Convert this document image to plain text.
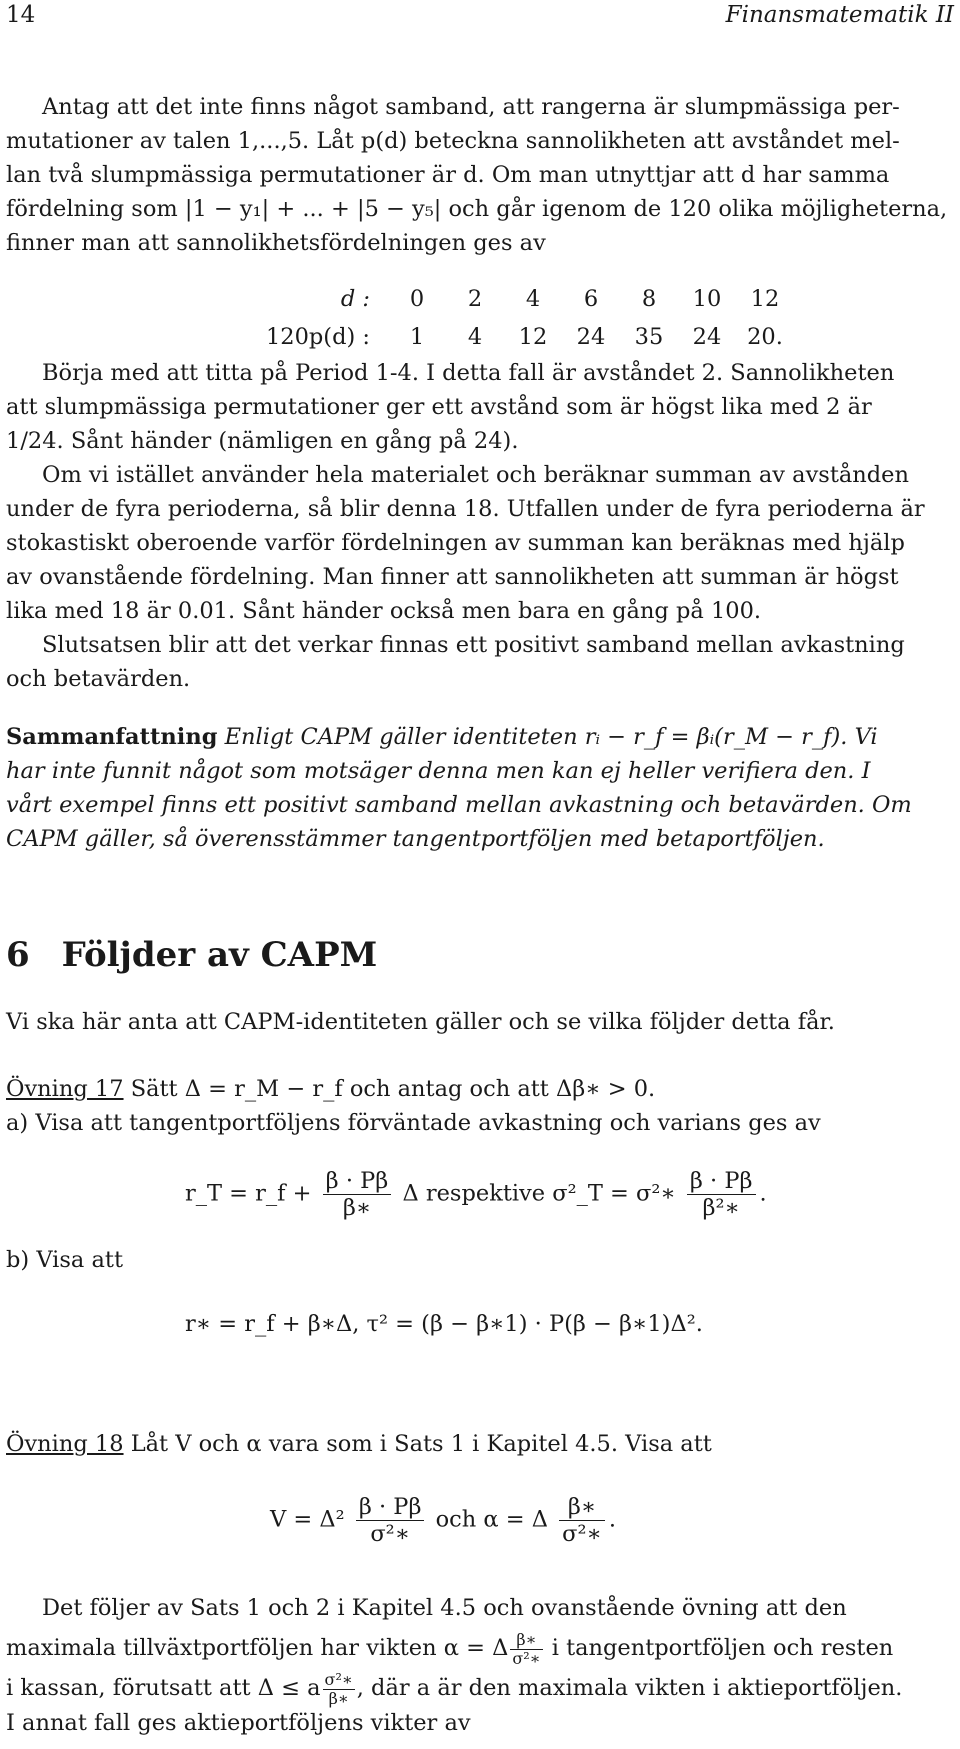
14	Finansmatematik II
Antag att det inte finns något samband, att rangerna är slumpmässiga per-
mutationer av talen 1,...,5. Låt p(d) beteckna sannolikheten att avståndet mel-
lan två slumpmässiga permutationer är d. Om man utnyttjar att d har samma
fördelning som |1 − y₁| + ... + |5 − y₅| och går igenom de 120 olika möjligheterna,
finner man att sannolikhetsfördelningen ges av
d :	0	2	4	6	8	10	12
120p(d) :	1	4	12	24	35	24	20.
Börja med att titta på Period 1-4. I detta fall är avståndet 2. Sannolikheten
att slumpmässiga permutationer ger ett avstånd som är högst lika med 2 är
1/24. Sånt händer (nämligen en gång på 24).
Om vi istället använder hela materialet och beräknar summan av avstånden
under de fyra perioderna, så blir denna 18. Utfallen under de fyra perioderna är
stokastiskt oberoende varför fördelningen av summan kan beräknas med hjälp
av ovanstående fördelning. Man finner att sannolikheten att summan är högst
lika med 18 är 0.01. Sånt händer också men bara en gång på 100.
Slutsatsen blir att det verkar finnas ett positivt samband mellan avkastning
och betavärden.
Sammanfattning Enligt CAPM gäller identiteten rᵢ − r_f = βᵢ(r_M − r_f). Vi
har inte funnit något som motsäger denna men kan ej heller verifiera den. I
vårt exempel finns ett positivt samband mellan avkastning och betavärden. Om
CAPM gäller, så överensstämmer tangentportföljen med betaportföljen.
6 Följder av CAPM
Vi ska här anta att CAPM-identiteten gäller och se vilka följder detta får.
Övning 17 Sätt Δ = r_M − r_f och antag och att Δβ∗ > 0.
a) Visa att tangentportföljens förväntade avkastning och varians ges av
r_T = r_f + $\frac{\beta \cdot P\beta}{\beta∗}$ Δ respektive σ²_T = σ²∗ $\frac{\beta \cdot P\beta}{\text{β²∗}}$ .
b) Visa att
r∗ = r_f + β∗Δ, τ² = (β − β∗1) · P(β − β∗1)Δ².
Övning 18 Låt V och α vara som i Sats 1 i Kapitel 4.5. Visa att
$V = \Delta^2 \frac{\beta \cdot P\beta}{\text{σ²∗}}$ och α = Δ $\frac{\beta∗}{\text{σ²∗}}$ .
Det följer av Sats 1 och 2 i Kapitel 4.5 och ovanstående övning att den
maximala tillväxtportföljen har vikten α = Δ $\frac{\beta∗}{\text{σ²∗}}$ i tangentportföljen och resten
i kassan, förutsatt att Δ ≤ a $\frac{\text{σ²∗}}{\beta∗}$ , där a är den maximala vikten i aktieportföljen.
I annat fall ges aktieportföljens vikter av
